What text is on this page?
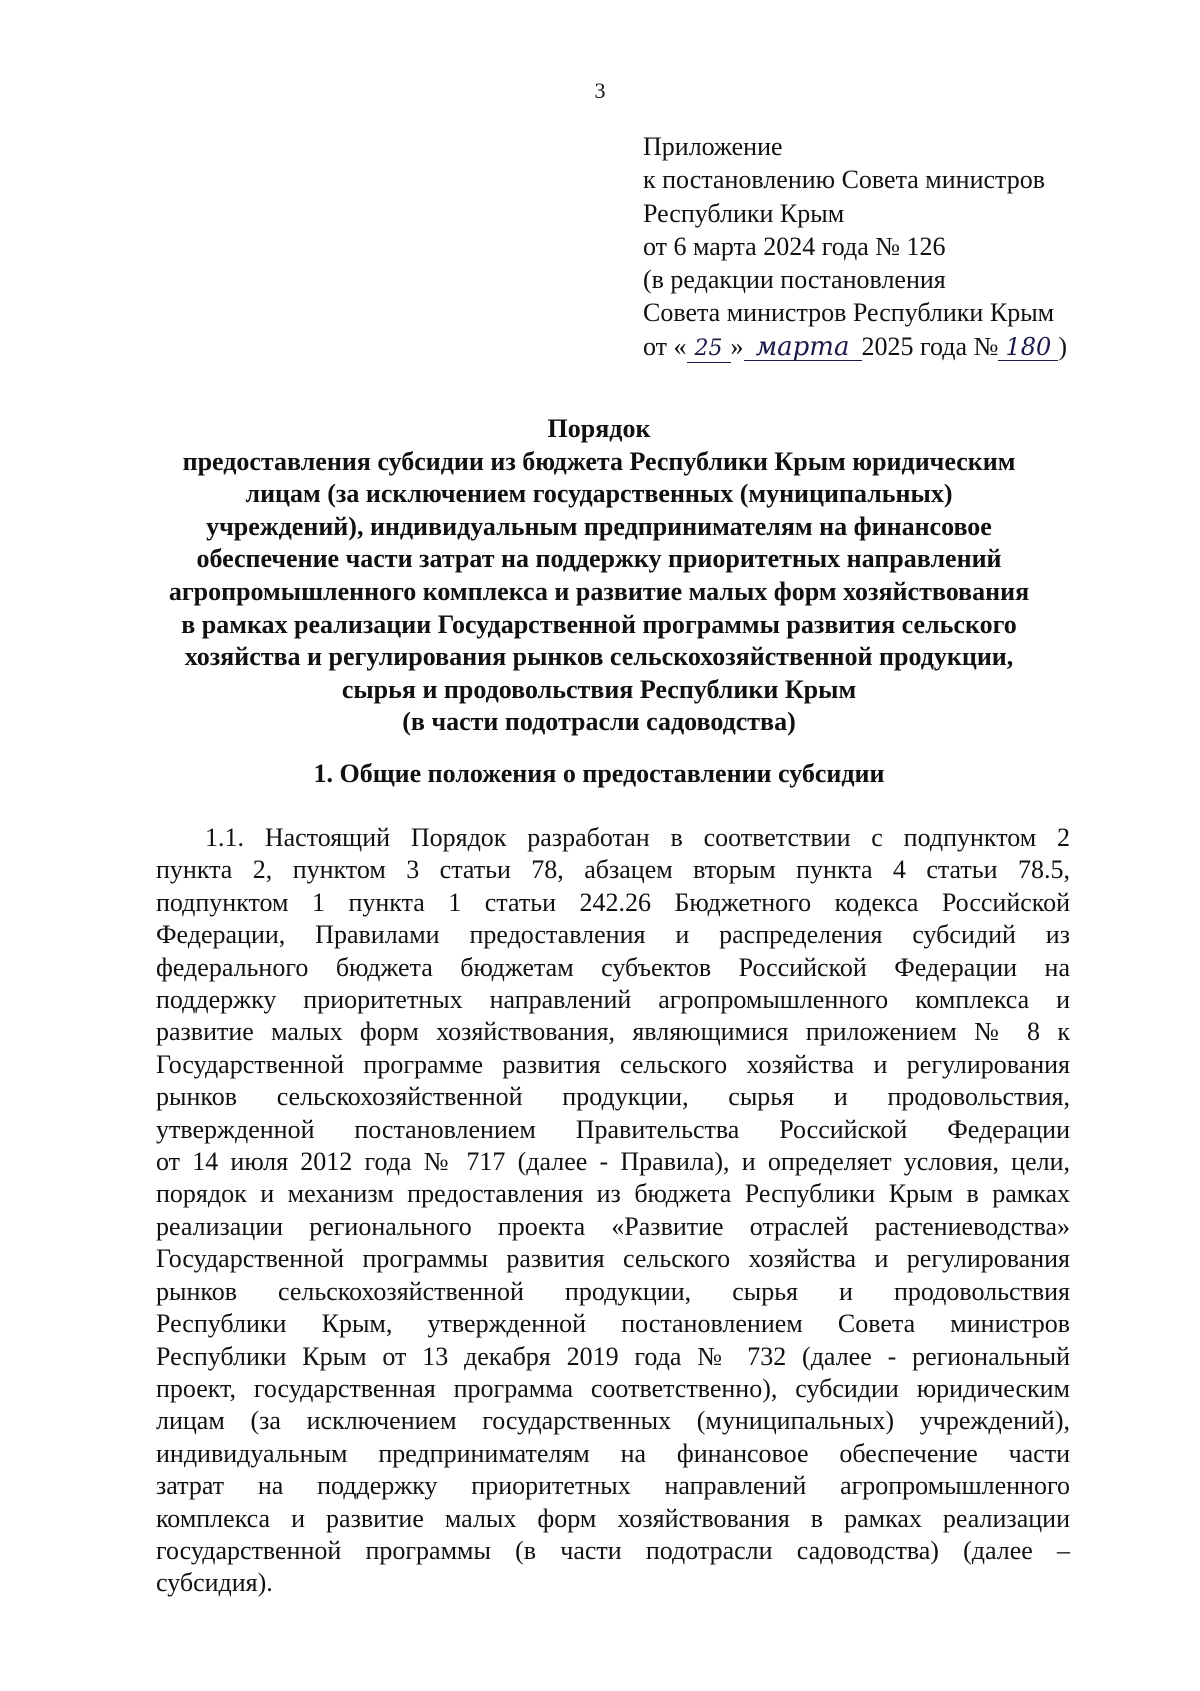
3
Приложение
к постановлению Совета министров
Республики Крым
от 6 марта 2024 года № 126
(в редакции постановления
Совета министров Республики Крым
от « 25 » марта 2025 года № 180 )
Порядок
предоставления субсидии из бюджета Республики Крым юридическим
лицам (за исключением государственных (муниципальных)
учреждений), индивидуальным предпринимателям на финансовое
обеспечение части затрат на поддержку приоритетных направлений
агропромышленного комплекса и развитие малых форм хозяйствования
в рамках реализации Государственной программы развития сельского
хозяйства и регулирования рынков сельскохозяйственной продукции,
сырья и продовольствия Республики Крым
(в части подотрасли садоводства)
1. Общие положения о предоставлении субсидии
1.1. Настоящий Порядок разработан в соответствии с подпунктом 2
пункта 2, пунктом 3 статьи 78, абзацем вторым пункта 4 статьи 78.5,
подпунктом 1 пункта 1 статьи 242.26 Бюджетного кодекса Российской
Федерации, Правилами предоставления и распределения субсидий из
федерального бюджета бюджетам субъектов Российской Федерации на
поддержку приоритетных направлений агропромышленного комплекса и
развитие малых форм хозяйствования, являющимися приложением № 8 к
Государственной программе развития сельского хозяйства и регулирования
рынков сельскохозяйственной продукции, сырья и продовольствия,
утвержденной постановлением Правительства Российской Федерации
от 14 июля 2012 года № 717 (далее - Правила), и определяет условия, цели,
порядок и механизм предоставления из бюджета Республики Крым в рамках
реализации регионального проекта «Развитие отраслей растениеводства»
Государственной программы развития сельского хозяйства и регулирования
рынков сельскохозяйственной продукции, сырья и продовольствия
Республики Крым, утвержденной постановлением Совета министров
Республики Крым от 13 декабря 2019 года № 732 (далее - региональный
проект, государственная программа соответственно), субсидии юридическим
лицам (за исключением государственных (муниципальных) учреждений),
индивидуальным предпринимателям на финансовое обеспечение части
затрат на поддержку приоритетных направлений агропромышленного
комплекса и развитие малых форм хозяйствования в рамках реализации
государственной программы (в части подотрасли садоводства) (далее –
субсидия).
